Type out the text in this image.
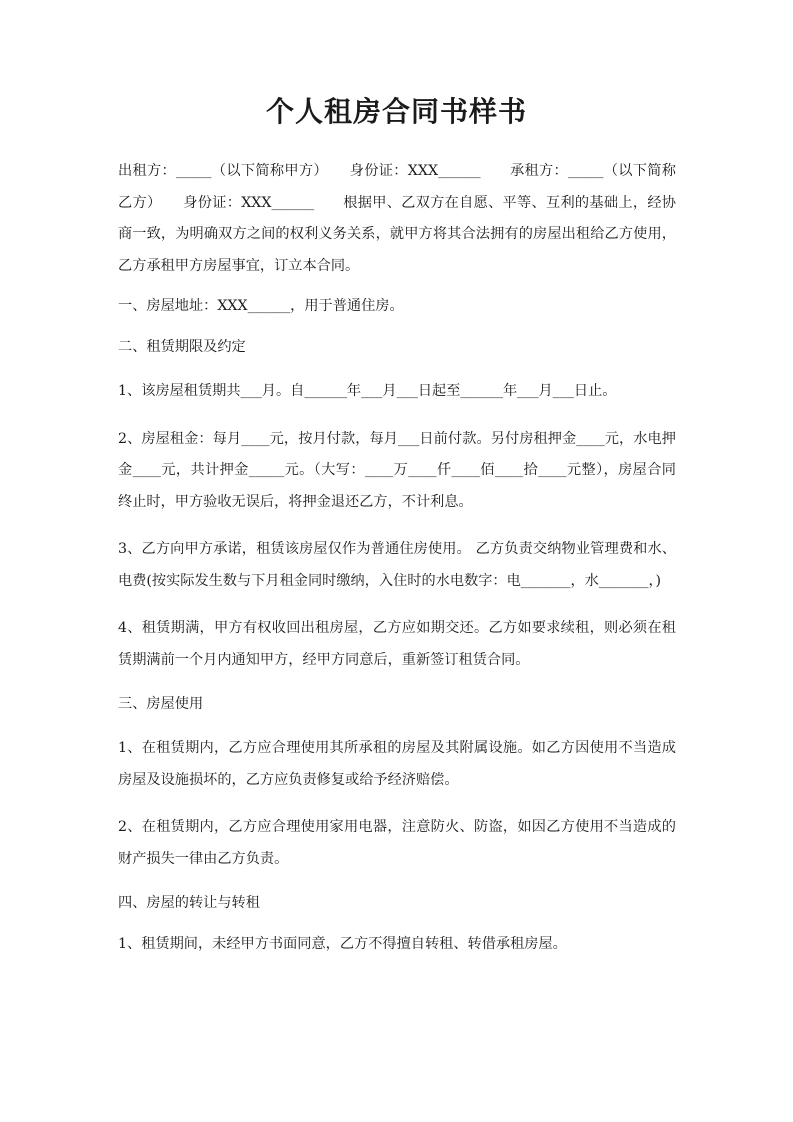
个人租房合同书样书

出租方：_____（以下简称甲方）　　身份证：XXX______　　承租方：_____（以下简称乙方）　　身份证：XXX______　　根据甲、乙双方在自愿、平等、互利的基础上，经协商一致，为明确双方之间的权利义务关系，就甲方将其合法拥有的房屋出租给乙方使用，乙方承租甲方房屋事宜，订立本合同。

一、房屋地址：XXX______，用于普通住房。

二、租赁期限及约定

1、该房屋租赁期共___月。自______年___月___日起至______年___月___日止。

2、房屋租金：每月____元，按月付款，每月___日前付款。另付房租押金____元，水电押金____元，共计押金_____元。（大写：____万____仟____佰____拾____元整），房屋合同终止时，甲方验收无误后，将押金退还乙方，不计利息。

3、乙方向甲方承诺，租赁该房屋仅作为普通住房使用。 乙方负责交纳物业管理费和水、电费(按实际发生数与下月租金同时缴纳，入住时的水电数字：电_______，水_______，)

4、租赁期满，甲方有权收回出租房屋，乙方应如期交还。乙方如要求续租，则必须在租赁期满前一个月内通知甲方，经甲方同意后，重新签订租赁合同。

三、房屋使用

1、在租赁期内，乙方应合理使用其所承租的房屋及其附属设施。如乙方因使用不当造成房屋及设施损坏的，乙方应负责修复或给予经济赔偿。

2、在租赁期内，乙方应合理使用家用电器，注意防火、防盗，如因乙方使用不当造成的财产损失一律由乙方负责。

四、房屋的转让与转租

1、租赁期间，未经甲方书面同意，乙方不得擅自转租、转借承租房屋。
